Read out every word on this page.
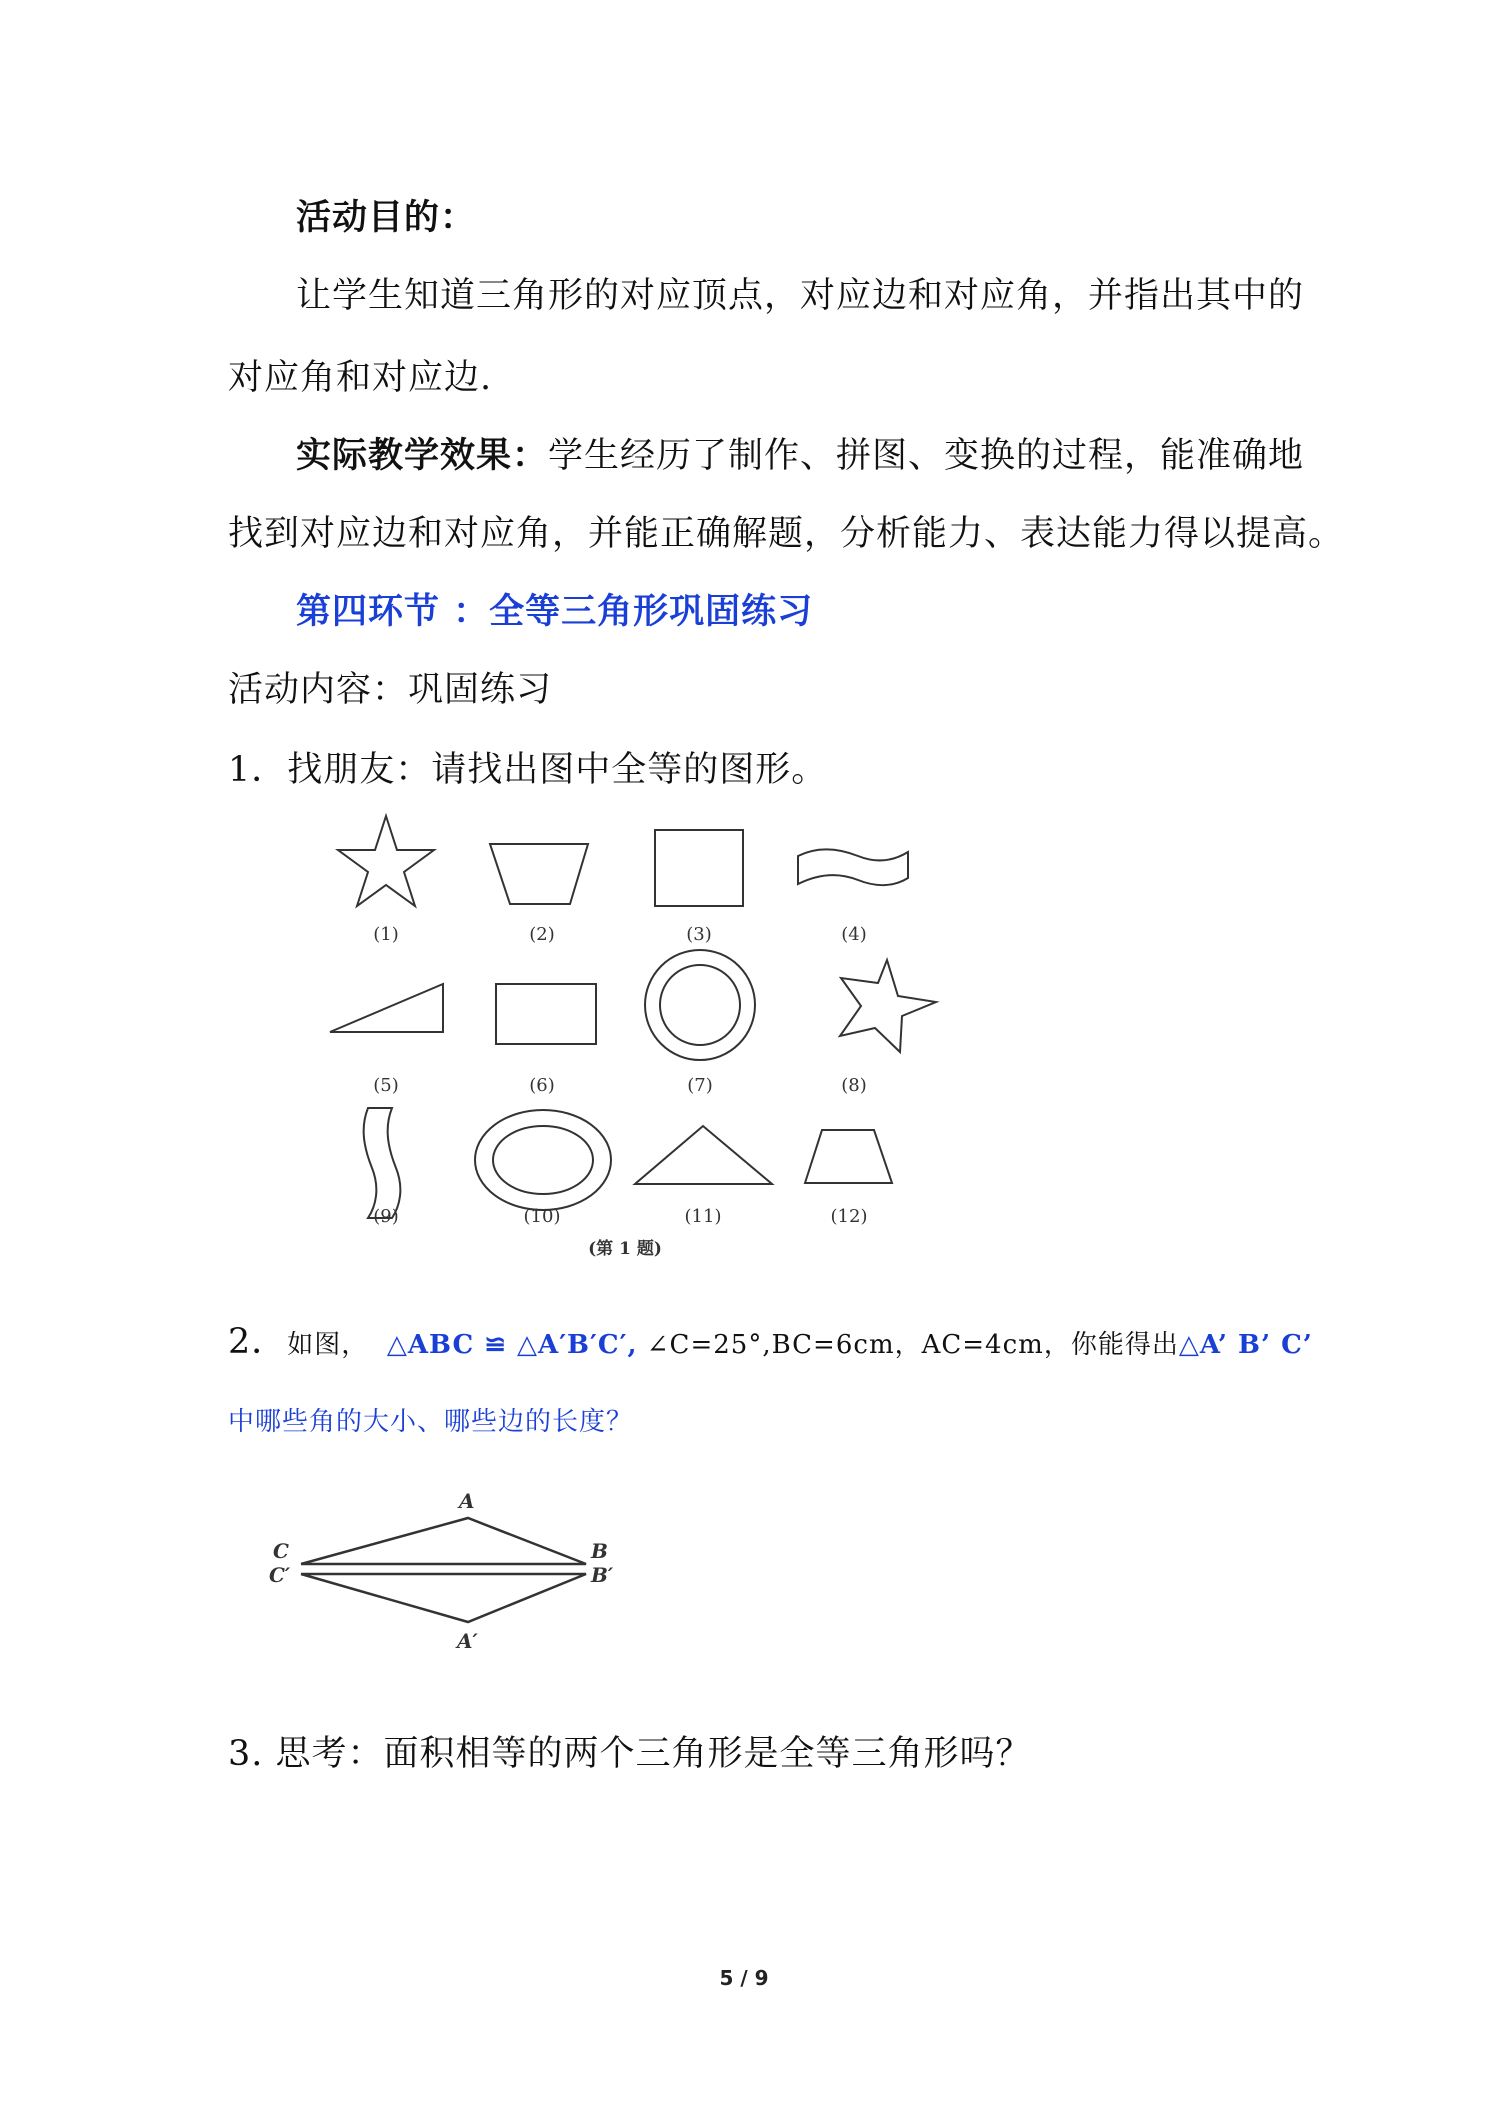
活动目的：
让学生知道三角形的对应顶点，对应边和对应角，并指出其中的
对应角和对应边.
实际教学效果：学生经历了制作、拼图、变换的过程，能准确地
找到对应边和对应角，并能正确解题，分析能力、表达能力得以提高。
第四环节 ：全等三角形巩固练习
活动内容：巩固练习
1．找朋友：请找出图中全等的图形。
(1)	(2)	(3)	(4)
(5)	(6)	(7)	(8)
(9)	(10)	(11)	(12)
(第 1 题)
2．如图， △ABC ≌ △A′B′C′, ∠C=25°,BC=6cm，AC=4cm，你能得出△A’ B’ C’
中哪些角的大小、哪些边的长度？
A
C
C′
B
B′
A′
3. 思考：面积相等的两个三角形是全等三角形吗？
5 / 9
